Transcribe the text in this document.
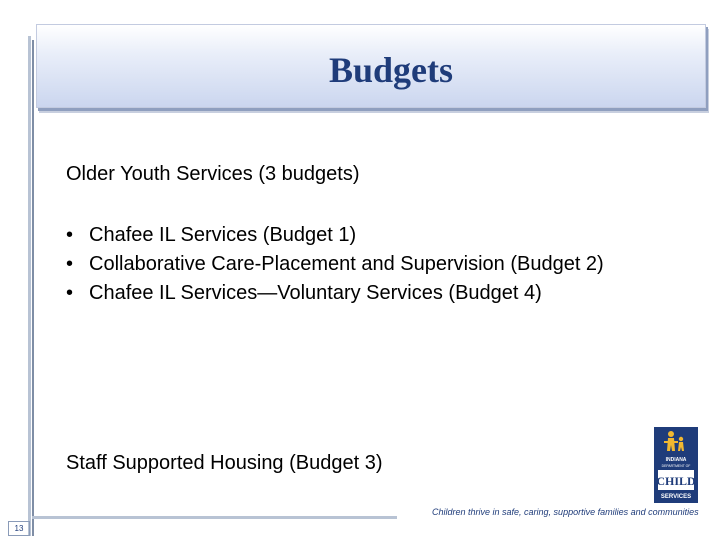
Budgets
Older Youth Services (3 budgets)
• Chafee IL Services (Budget 1)
• Collaborative Care-Placement and Supervision (Budget 2)
• Chafee IL Services—Voluntary Services (Budget 4)
Staff Supported Housing (Budget 3)	INDIANA
DEPARTMENT OF
CHILD
SERVICES
Children thrive in safe, caring, supportive families and communities
13
